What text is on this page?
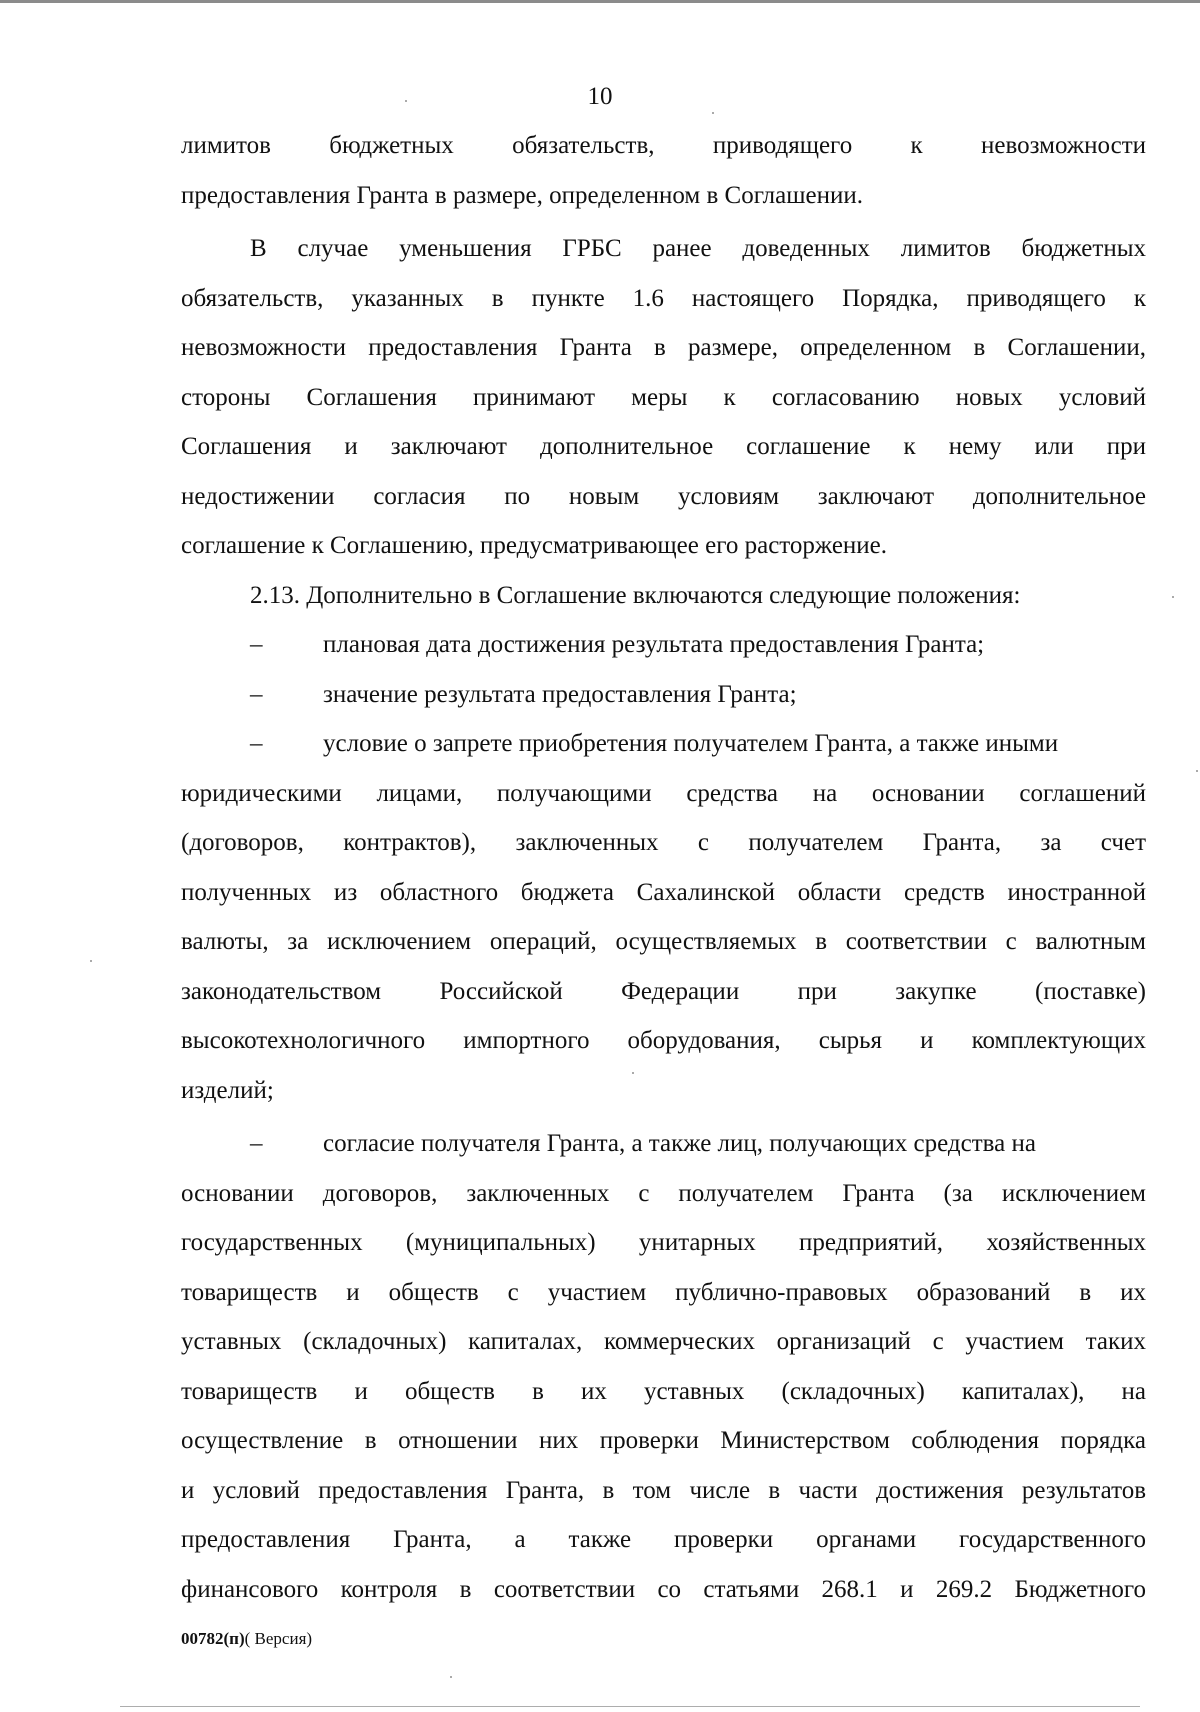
10

лимитов бюджетных обязательств, приводящего к невозможности

предоставления Гранта в размере, определенном в Соглашении.

В случае уменьшения ГРБС ранее доведенных лимитов бюджетных

обязательств, указанных в пункте 1.6 настоящего Порядка, приводящего к

невозможности предоставления Гранта в размере, определенном в Соглашении,

стороны Соглашения принимают меры к согласованию новых условий

Соглашения и заключают дополнительное соглашение к нему или при

недостижении согласия по новым условиям заключают дополнительное

соглашение к Соглашению, предусматривающее его расторжение.

2.13. Дополнительно в Соглашение включаются следующие положения:

–	плановая дата достижения результата предоставления Гранта;
–	значение результата предоставления Гранта;
–	условие о запрете приобретения получателем Гранта, а также иными

юридическими лицами, получающими средства на основании соглашений

(договоров, контрактов), заключенных с получателем Гранта, за счет

полученных из областного бюджета Сахалинской области средств иностранной

валюты, за исключением операций, осуществляемых в соответствии с валютным

законодательством Российской Федерации при закупке (поставке)

высокотехнологичного импортного оборудования, сырья и комплектующих

изделий;

–	согласие получателя Гранта, а также лиц, получающих средства на

основании договоров, заключенных с получателем Гранта (за исключением

государственных (муниципальных) унитарных предприятий, хозяйственных

товариществ и обществ с участием публично-правовых образований в их

уставных (складочных) капиталах, коммерческих организаций с участием таких

товариществ и обществ в их уставных (складочных) капиталах), на

осуществление в отношении них проверки Министерством соблюдения порядка

и условий предоставления Гранта, в том числе в части достижения результатов

предоставления Гранта, а также проверки органами государственного

финансового контроля в соответствии со статьями 268.1 и 269.2 Бюджетного

00782(п)( Версия)
